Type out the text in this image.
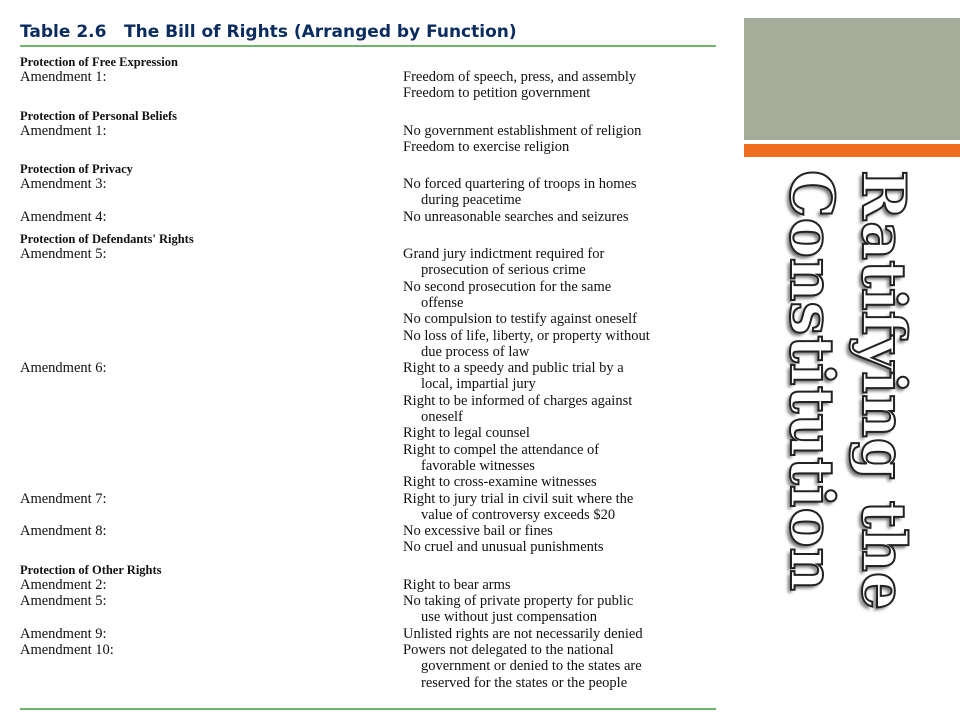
Table 2.6 The Bill of Rights (Arranged by Function)
Protection of Free Expression
Amendment 1:	Freedom of speech, press, and assembly
Freedom to petition government
Protection of Personal Beliefs
Amendment 1:	No government establishment of religion
Freedom to exercise religion
Protection of Privacy
Amendment 3:	No forced quartering of troops in homes
during peacetime
Amendment 4:	No unreasonable searches and seizures
Protection of Defendants' Rights
Amendment 5:	Grand jury indictment required for
prosecution of serious crime
No second prosecution for the same
offense
No compulsion to testify against oneself
No loss of life, liberty, or property without
due process of law
Amendment 6:	Right to a speedy and public trial by a
local, impartial jury
Right to be informed of charges against
oneself
Right to legal counsel
Right to compel the attendance of
favorable witnesses
Right to cross-examine witnesses
Amendment 7:	Right to jury trial in civil suit where the
value of controversy exceeds $20
Amendment 8:	No excessive bail or fines
No cruel and unusual punishments
Protection of Other Rights
Amendment 2:	Right to bear arms
Amendment 5:	No taking of private property for public
use without just compensation
Amendment 9:	Unlisted rights are not necessarily denied
Amendment 10:	Powers not delegated to the national
government or denied to the states are
reserved for the states or the people
Ratifying the
Constitution
